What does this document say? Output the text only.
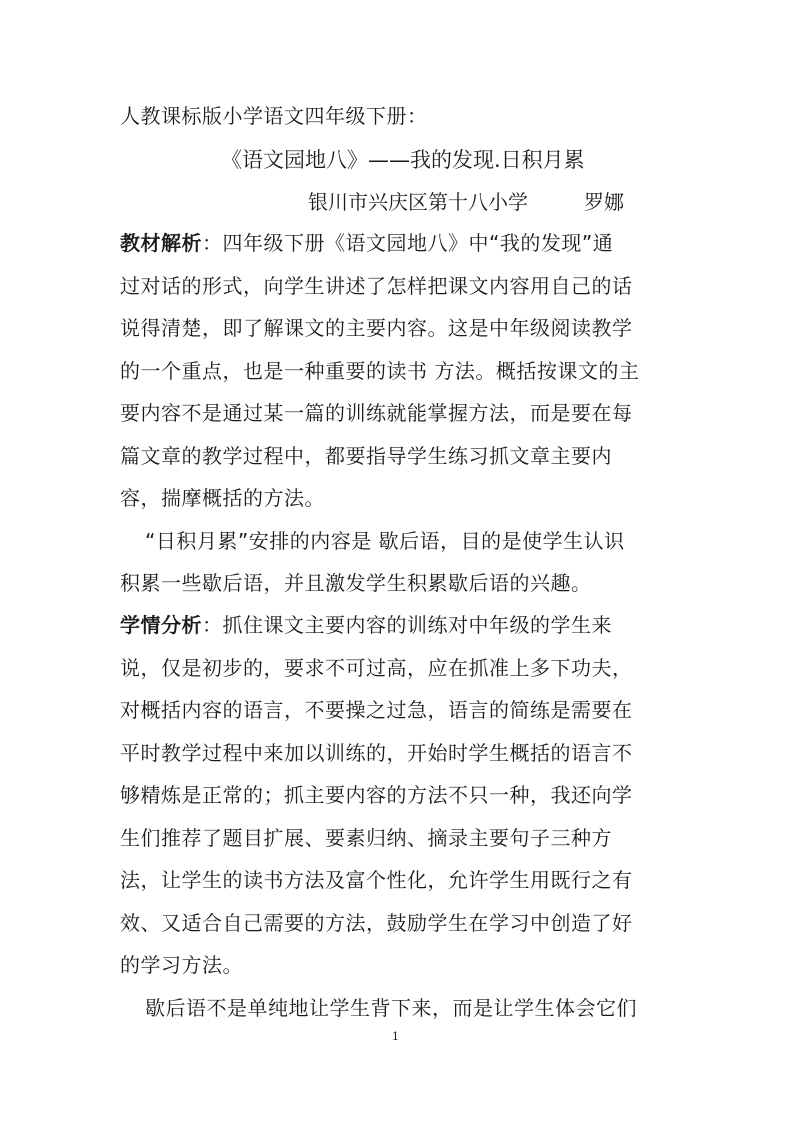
人教课标版小学语文四年级下册：
《语文园地八》——我的发现.日积月累
银川市兴庆区第十八小学	罗娜
教材解析：四年级下册《语文园地八》中“我的发现”通
过对话的形式，向学生讲述了怎样把课文内容用自己的话
说得清楚，即了解课文的主要内容。这是中年级阅读教学
的一个重点，也是一种重要的读书 方法。概括按课文的主
要内容不是通过某一篇的训练就能掌握方法，而是要在每
篇文章的教学过程中，都要指导学生练习抓文章主要内
容，揣摩概括的方法。
“日积月累”安排的内容是 歇后语，目的是使学生认识
积累一些歇后语，并且激发学生积累歇后语的兴趣。
学情分析：抓住课文主要内容的训练对中年级的学生来
说，仅是初步的，要求不可过高，应在抓准上多下功夫，
对概括内容的语言，不要操之过急，语言的简练是需要在
平时教学过程中来加以训练的，开始时学生概括的语言不
够精炼是正常的；抓主要内容的方法不只一种，我还向学
生们推荐了题目扩展、要素归纳、摘录主要句子三种方
法，让学生的读书方法及富个性化，允许学生用既行之有
效、又适合自己需要的方法，鼓励学生在学习中创造了好
的学习方法。
歇后语不是单纯地让学生背下来，而是让学生体会它们
1
